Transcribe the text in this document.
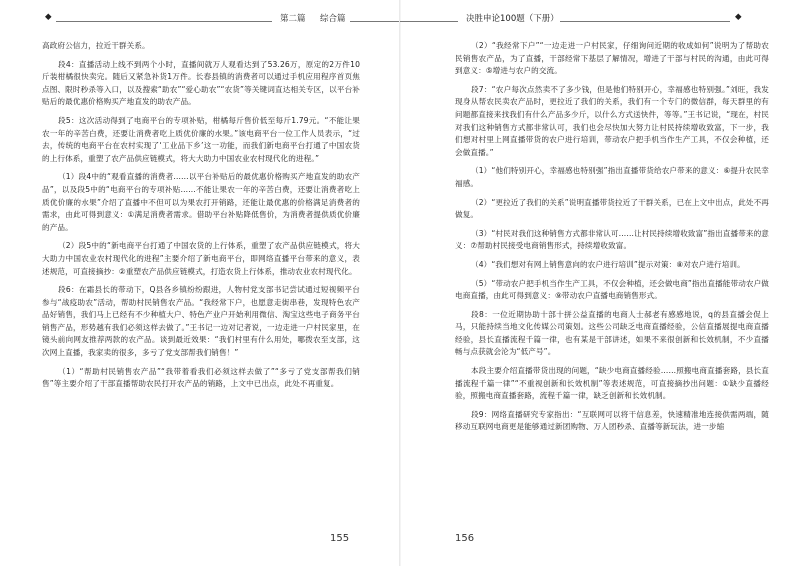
◆	第二篇 综合篇

高政府公信力，拉近干群关系。

段4：直播活动上线不到两个小时，直播间就万人观看达到了53.26万，原定的2万件10斤装柑橘很快卖完。随后又紧急补货1万件。长春县镇的消费者可以通过手机应用程序首页焦点图、限时秒杀等入口，以及搜索“助农”“爱心助农”“农货”等关键词直达相关专区，以平台补贴后的最优惠价格购买产地直发的助农产品。

段5：这次活动得到了电商平台的专项补贴，柑橘每斤售价低至每斤1.79元。“不能让果农一年的辛苦白费，还要让消费者吃上质优价廉的水果。”该电商平台一位工作人员表示，“过去，传统的电商平台在农村实现了‘工业品下乡’这一功能，而我们新电商平台打通了中国农货的上行体系，重塑了农产品供应链模式，将大大助力中国农业农村现代化的进程。”

（1）段4中的“观看直播的消费者……以平台补贴后的最优惠价格购买产地直发的助农产品”，以及段5中的“电商平台的专项补贴……不能让果农一年的辛苦白费，还要让消费者吃上质优价廉的水果”介绍了直播中不但可以为果农打开销路，还能让最优惠的价格满足消费者的需求，由此可得到意义：①满足消费者需求。借助平台补贴降低售价，为消费者提供质优价廉的产品。

（2）段5中的“新电商平台打通了中国农货的上行体系，重塑了农产品供应链模式，将大大助力中国农业农村现代化的进程”主要介绍了新电商平台，即网络直播平台带来的意义，表述规范，可直接摘抄：②重塑农产品供应链模式，打造农货上行体系，推动农业农村现代化。

段6：在霜县长的带动下，Q县各乡镇纷纷跟进，人物村党支部书记尝试通过短视频平台参与“战疫助农”活动，帮助村民销售农产品。“我经常下户，也愿意走街串巷，发现特色农产品好销售，我们马上已经有不少种植大户、特色产业户开始利用微信、淘宝这些电子商务平台销售产品，形势越有我们必须这样去做了。”王书记一边对记者说，一边走进一户村民家里，在镜头前向网友推荐两款的农产品。谈到最近效果：“我们村里有什么用处，哪拨农至支部，这次网上直播，我家卖的很多，多亏了党支部帮我们销售！”

（1）“帮助村民销售农产品”“我带着看我们必须这样去做了”“多亏了党支部帮我们销售”等主要介绍了干部直播帮助农民打开农产品的销路，上文中已出点，此处不再重复。

155
决胜申论100题（下册）	◆

（2）“我经常下户”“一边走进一户村民家，仔细询问近期的收成如何”说明为了帮助农民销售农产品，为了直播，干部经常下基层了解情况，增进了干部与村民的沟通，由此可得到意义：⑤增进与农户的交流。

段7：“农户每次点然卖不了多少钱，但是他们特别开心，幸福感也特别强。”刘旺，我发现身从帮农民卖农产品时，更拉近了我们的关系，我们有一个专门的微信群，每天群里的有问题都直接来找我们有什么产品多少斤，以什么方式送快件，等等。”王书记说，“现在，村民对我们这种销售方式都非常认可，我们也会尽快加大努力让村民持续增收致富，下一步，我们想对村里上网直播带货的农户进行培训，带动农户把手机当作生产工具，不仅会种植，还会做直播。”

（1）“他们特别开心，幸福感也特别强”指出直播带货给农户带来的意义：⑥提升农民幸福感。

（2）“更拉近了我们的关系”说明直播带货拉近了干群关系，已在上文中出点，此处不再做复。

（3）“村民对我们这种销售方式都非常认可……让村民持续增收致富”指出直播带来的意义：⑦帮助村民接受电商销售形式，持续增收致富。

（4）“我们想对有网上销售意向的农户进行培训”提示对策：⑧对农户进行培训。

（5）“带动农户把手机当作生产工具，不仅会种植，还会做电商”指出直播能带动农户做电商直播，由此可得到意义：⑨带动农户直播电商销售形式。

段8：一位近期协助十部十拼公益直播的电商人士郝老有感感地说，q的县直播会促上马，只能持续当地文化传媒公司策划。这些公司缺乏电商直播经验，公信直播展提电商直播经验，县长直播流程千篇一律，也有某是干部讲述，如果不来很创新和长效机制，不少直播畅与点获就会沦为“低产号”。

本段主要介绍直播带货出现的问题，“缺少电商直播经验……照搬电商直播套路，县长直播流程千篇一律”“不重视创新和长效机制”等表述规范，可直接摘抄出问题：①缺少直播经验，照搬电商直播套路，流程千篇一律，缺乏创新和长效机制。

段9：网络直播研究专家指出：“互联网可以将干信息差，快速精准地连接供需两端，随移动互联网电商更是能够通过新团购物、万人团秒杀、直播等新玩法，进一步缩

156
